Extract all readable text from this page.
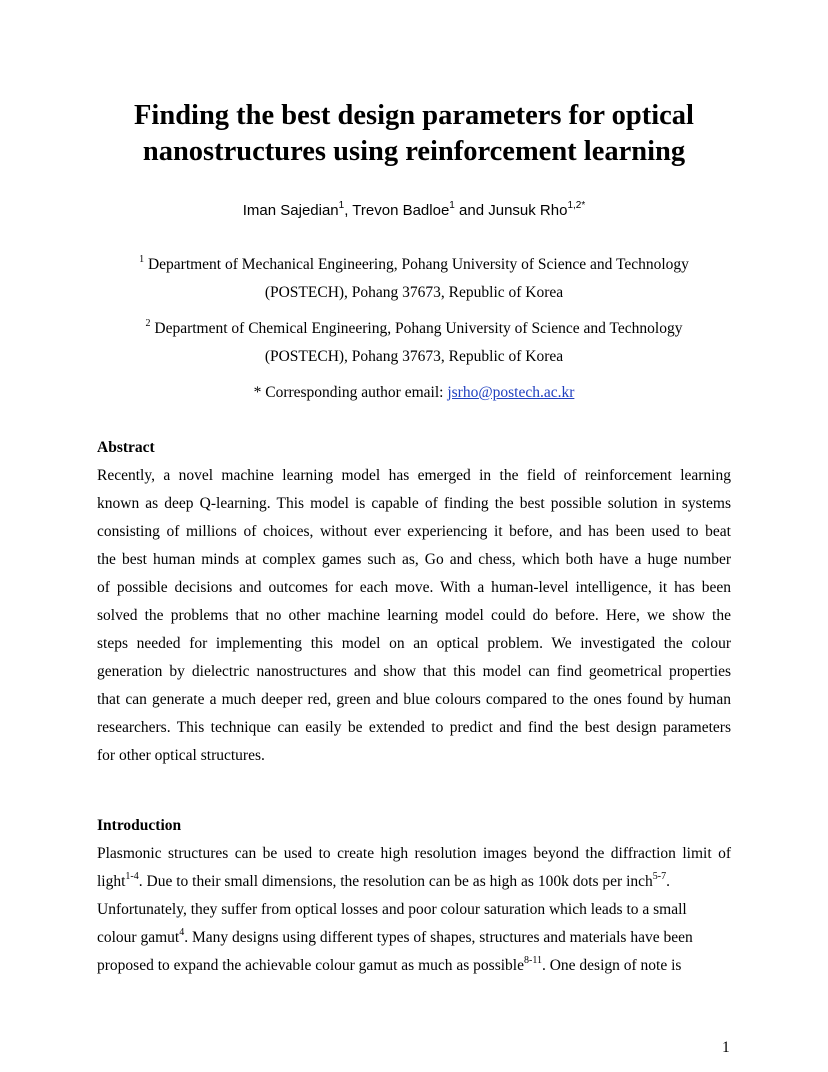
Finding the best design parameters for optical
nanostructures using reinforcement learning
Iman Sajedian$^1$, Trevon Badloe$^1$ and Junsuk Rho$^{1,2*}$
$^1$ Department of Mechanical Engineering, Pohang University of Science and Technology
(POSTECH), Pohang 37673, Republic of Korea
$^2$ Department of Chemical Engineering, Pohang University of Science and Technology
(POSTECH), Pohang 37673, Republic of Korea
* Corresponding author email: jsrho@postech.ac.kr
Abstract
Recently, a novel machine learning model has emerged in the field of reinforcement learning
known as deep Q-learning. This model is capable of finding the best possible solution in systems
consisting of millions of choices, without ever experiencing it before, and has been used to beat
the best human minds at complex games such as, Go and chess, which both have a huge number
of possible decisions and outcomes for each move. With a human-level intelligence, it has been
solved the problems that no other machine learning model could do before. Here, we show the
steps needed for implementing this model on an optical problem. We investigated the colour
generation by dielectric nanostructures and show that this model can find geometrical properties
that can generate a much deeper red, green and blue colours compared to the ones found by human
researchers. This technique can easily be extended to predict and find the best design parameters
for other optical structures.
Introduction
Plasmonic structures can be used to create high resolution images beyond the diffraction limit of
light$^{1-4}$. Due to their small dimensions, the resolution can be as high as 100k dots per inch$^{5-7}$.
Unfortunately, they suffer from optical losses and poor colour saturation which leads to a small
colour gamut$^4$. Many designs using different types of shapes, structures and materials have been
proposed to expand the achievable colour gamut as much as possible$^{8-11}$. One design of note is
1
